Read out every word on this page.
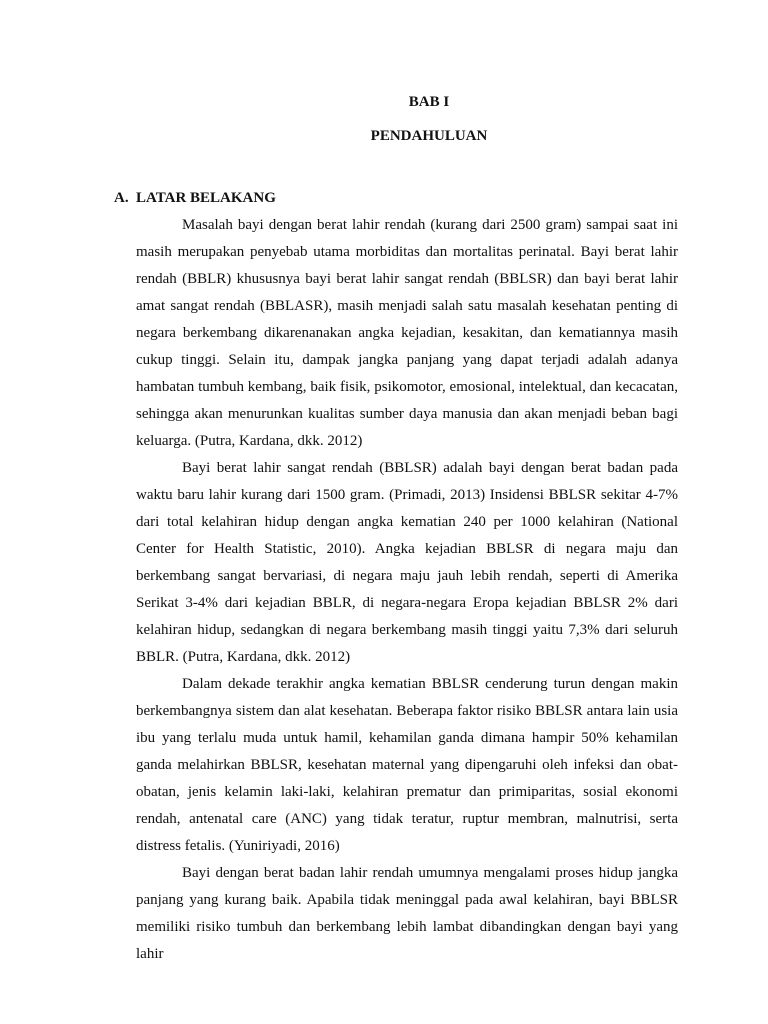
BAB I

PENDAHULUAN

A. LATAR BELAKANG

Masalah bayi dengan berat lahir rendah (kurang dari 2500 gram) sampai saat ini masih merupakan penyebab utama morbiditas dan mortalitas perinatal. Bayi berat lahir rendah (BBLR) khususnya bayi berat lahir sangat rendah (BBLSR) dan bayi berat lahir amat sangat rendah (BBLASR), masih menjadi salah satu masalah kesehatan penting di negara berkembang dikarenanakan angka kejadian, kesakitan, dan kematiannya masih cukup tinggi. Selain itu, dampak jangka panjang yang dapat terjadi adalah adanya hambatan tumbuh kembang, baik fisik, psikomotor, emosional, intelektual, dan kecacatan, sehingga akan menurunkan kualitas sumber daya manusia dan akan menjadi beban bagi keluarga. (Putra, Kardana, dkk. 2012)

Bayi berat lahir sangat rendah (BBLSR) adalah bayi dengan berat badan pada waktu baru lahir kurang dari 1500 gram. (Primadi, 2013) Insidensi BBLSR sekitar 4-7% dari total kelahiran hidup dengan angka kematian 240 per 1000 kelahiran (National Center for Health Statistic, 2010). Angka kejadian BBLSR di negara maju dan berkembang sangat bervariasi, di negara maju jauh lebih rendah, seperti di Amerika Serikat 3-4% dari kejadian BBLR, di negara-negara Eropa kejadian BBLSR 2% dari kelahiran hidup, sedangkan di negara berkembang masih tinggi yaitu 7,3% dari seluruh BBLR. (Putra, Kardana, dkk. 2012)

Dalam dekade terakhir angka kematian BBLSR cenderung turun dengan makin berkembangnya sistem dan alat kesehatan. Beberapa faktor risiko BBLSR antara lain usia ibu yang terlalu muda untuk hamil, kehamilan ganda dimana hampir 50% kehamilan ganda melahirkan BBLSR, kesehatan maternal yang dipengaruhi oleh infeksi dan obat-obatan, jenis kelamin laki-laki, kelahiran prematur dan primiparitas, sosial ekonomi rendah, antenatal care (ANC) yang tidak teratur, ruptur membran, malnutrisi, serta distress fetalis. (Yuniriyadi, 2016)

Bayi dengan berat badan lahir rendah umumnya mengalami proses hidup jangka panjang yang kurang baik. Apabila tidak meninggal pada awal kelahiran, bayi BBLSR memiliki risiko tumbuh dan berkembang lebih lambat dibandingkan dengan bayi yang lahir
